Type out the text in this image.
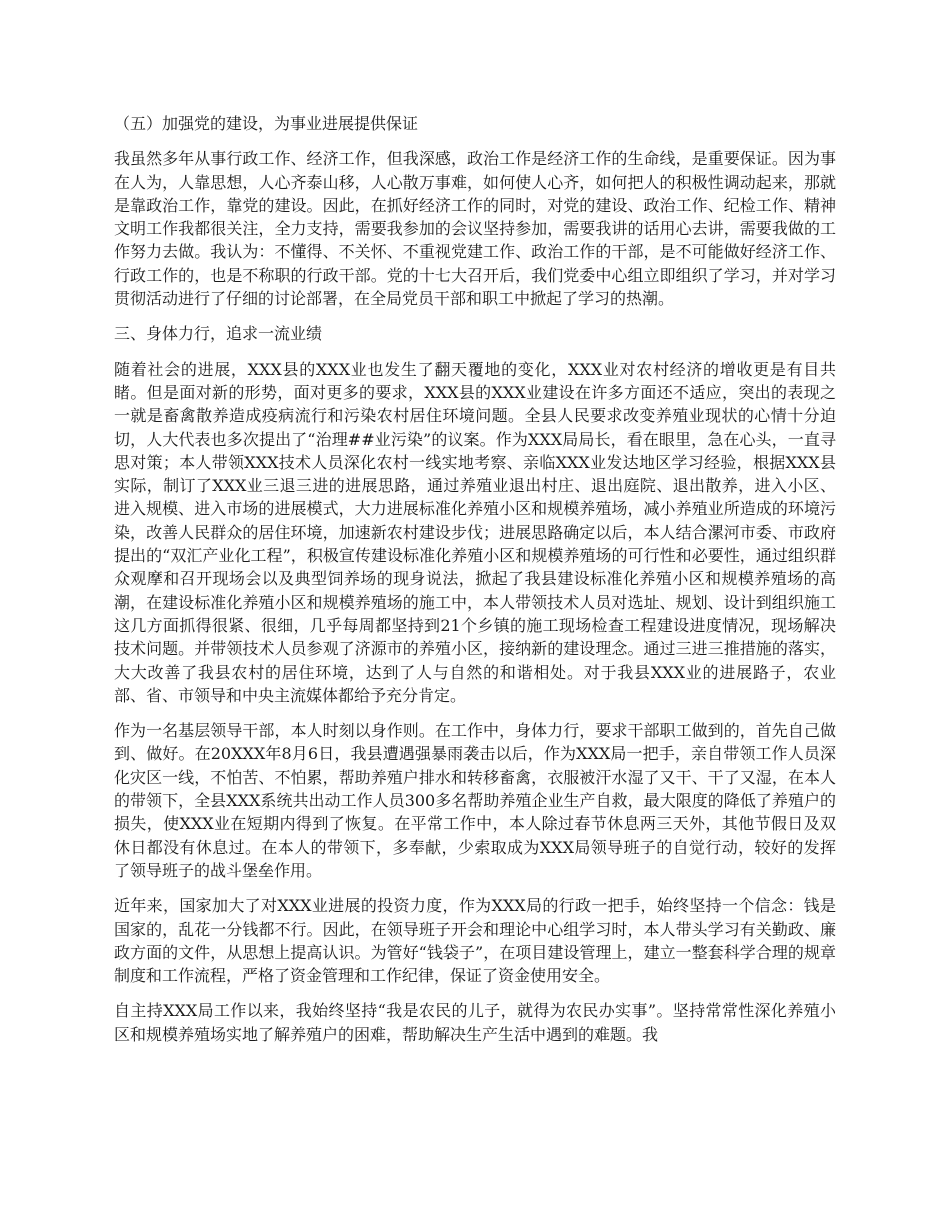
（五）加强党的建设，为事业进展提供保证

我虽然多年从事行政工作、经济工作，但我深感，政治工作是经济工作的生命线，是重要保证。因为事在人为，人靠思想，人心齐泰山移，人心散万事难，如何使人心齐，如何把人的积极性调动起来，那就是靠政治工作，靠党的建设。因此，在抓好经济工作的同时，对党的建设、政治工作、纪检工作、精神文明工作我都很关注，全力支持，需要我参加的会议坚持参加，需要我讲的话用心去讲，需要我做的工作努力去做。我认为：不懂得、不关怀、不重视党建工作、政治工作的干部，是不可能做好经济工作、行政工作的，也是不称职的行政干部。党的十七大召开后，我们党委中心组立即组织了学习，并对学习贯彻活动进行了仔细的讨论部署，在全局党员干部和职工中掀起了学习的热潮。

三、身体力行，追求一流业绩

随着社会的进展，XXX县的XXX业也发生了翻天覆地的变化，XXX业对农村经济的增收更是有目共睹。但是面对新的形势，面对更多的要求，XXX县的XXX业建设在许多方面还不适应，突出的表现之一就是畜禽散养造成疫病流行和污染农村居住环境问题。全县人民要求改变养殖业现状的心情十分迫切，人大代表也多次提出了“治理##业污染”的议案。作为XXX局局长，看在眼里，急在心头，一直寻思对策；本人带领XXX技术人员深化农村一线实地考察、亲临XXX业发达地区学习经验，根据XXX县实际，制订了XXX业三退三进的进展思路，通过养殖业退出村庄、退出庭院、退出散养，进入小区、进入规模、进入市场的进展模式，大力进展标准化养殖小区和规模养殖场，减小养殖业所造成的环境污染，改善人民群众的居住环境，加速新农村建设步伐；进展思路确定以后，本人结合漯河市委、市政府提出的“双汇产业化工程”，积极宣传建设标准化养殖小区和规模养殖场的可行性和必要性，通过组织群众观摩和召开现场会以及典型饲养场的现身说法，掀起了我县建设标准化养殖小区和规模养殖场的高潮，在建设标准化养殖小区和规模养殖场的施工中，本人带领技术人员对选址、规划、设计到组织施工这几方面抓得很紧、很细，几乎每周都坚持到21个乡镇的施工现场检查工程建设进度情况，现场解决技术问题。并带领技术人员参观了济源市的养殖小区，接纳新的建设理念。通过三进三推措施的落实，大大改善了我县农村的居住环境，达到了人与自然的和谐相处。对于我县XXX业的进展路子，农业部、省、市领导和中央主流媒体都给予充分肯定。

作为一名基层领导干部，本人时刻以身作则。在工作中，身体力行，要求干部职工做到的，首先自己做到、做好。在20XXX年8月6日，我县遭遇强暴雨袭击以后，作为XXX局一把手，亲自带领工作人员深化灾区一线，不怕苦、不怕累，帮助养殖户排水和转移畜禽，衣服被汗水湿了又干、干了又湿，在本人的带领下，全县XXX系统共出动工作人员300多名帮助养殖企业生产自救，最大限度的降低了养殖户的损失，使XXX业在短期内得到了恢复。在平常工作中，本人除过春节休息两三天外，其他节假日及双休日都没有休息过。在本人的带领下，多奉献，少索取成为XXX局领导班子的自觉行动，较好的发挥了领导班子的战斗堡垒作用。

近年来，国家加大了对XXX业进展的投资力度，作为XXX局的行政一把手，始终坚持一个信念：钱是国家的，乱花一分钱都不行。因此，在领导班子开会和理论中心组学习时，本人带头学习有关勤政、廉政方面的文件，从思想上提高认识。为管好“钱袋子”，在项目建设管理上，建立一整套科学合理的规章制度和工作流程，严格了资金管理和工作纪律，保证了资金使用安全。

自主持XXX局工作以来，我始终坚持“我是农民的儿子，就得为农民办实事”。坚持常常性深化养殖小区和规模养殖场实地了解养殖户的困难，帮助解决生产生活中遇到的难题。我
